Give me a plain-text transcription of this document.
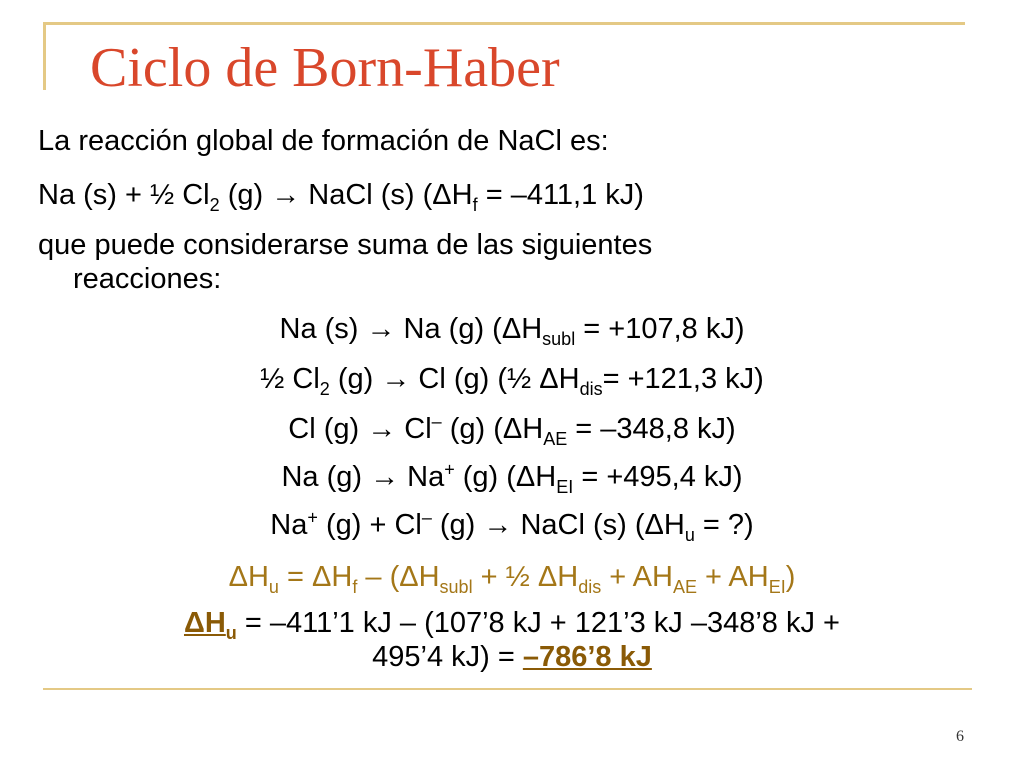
Ciclo de Born-Haber
La reacción global de formación de NaCl es:
Na (s) + ½ $Cl_2$ (g) → NaCl (s) ($\Delta H_f = -411,1$ kJ)
que puede considerarse suma de las siguientes
reacciones:
Na (s) → Na (g) ($\Delta H_{subl} = +107,8$ kJ)
½ $Cl_2$ (g) → Cl (g) (½ $\Delta H_{dis}= +121,3$ kJ)
Cl (g) → Cl– (g) ($\Delta H_{AE} = -348,8$ kJ)
Na (g) → Na+ (g) ($\Delta H_{EI} = +495,4$ kJ)
Na+ (g) + Cl– (g) → NaCl (s) ($\Delta H_u$ = ?)
$\Delta H_u = \Delta H_f - (\Delta H_{subl}$ + ½ $\Delta H_{dis} + AH_{AE} + AH_{EI}$)
$\Delta H_u$ = –411’1 kJ – (107’8 kJ + 121’3 kJ –348’8 kJ +
495’4 kJ) = –786’8 kJ
6
